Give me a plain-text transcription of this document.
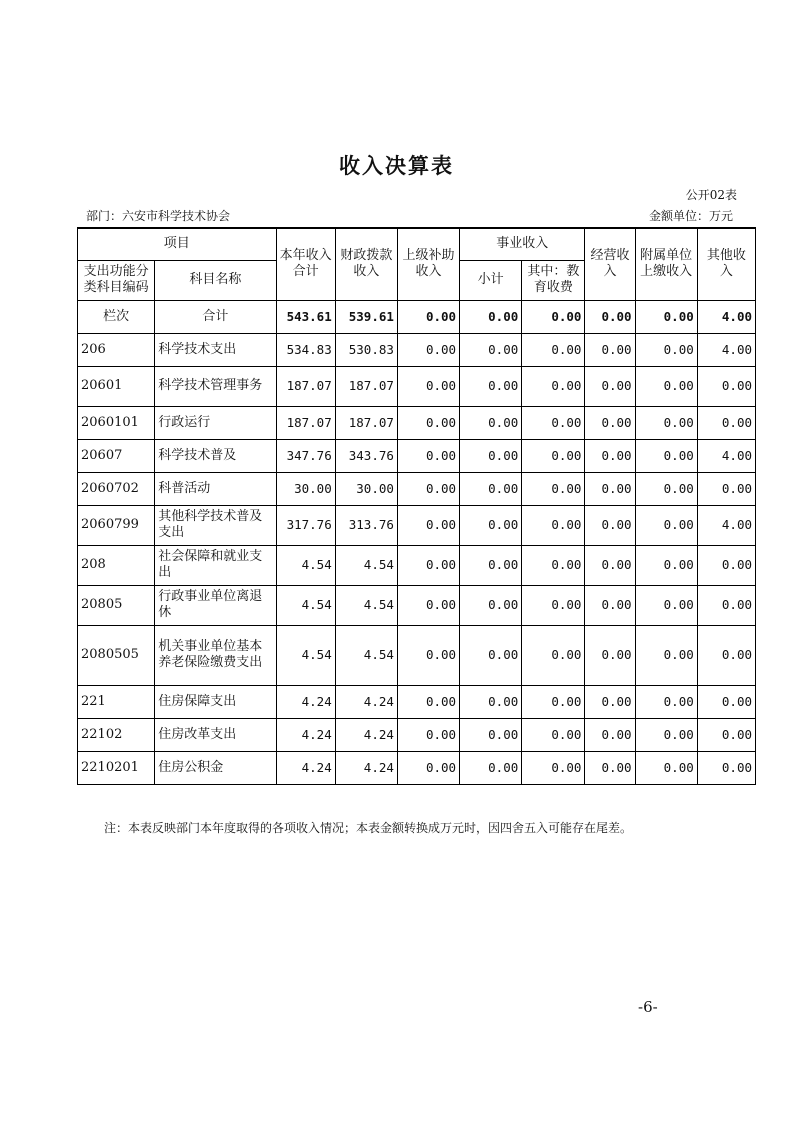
收入决算表
公开02表
部门：六安市科学技术协会	金额单位：万元
项目		本年收入合计	财政拨款收入	上级补助收入	事业收入		经营收入	附属单位上缴收入	其他收入
支出功能分类科目编码	科目名称				小计	其中：教育收费			

栏次	合计	543.61	539.61	0.00	0.00	0.00	0.00	0.00	4.00
206	科学技术支出	534.83	530.83	0.00	0.00	0.00	0.00	0.00	4.00
20601	科学技术管理事务	187.07	187.07	0.00	0.00	0.00	0.00	0.00	0.00
2060101	行政运行	187.07	187.07	0.00	0.00	0.00	0.00	0.00	0.00
20607	科学技术普及	347.76	343.76	0.00	0.00	0.00	0.00	0.00	4.00
2060702	科普活动	30.00	30.00	0.00	0.00	0.00	0.00	0.00	0.00
2060799	其他科学技术普及支出	317.76	313.76	0.00	0.00	0.00	0.00	0.00	4.00
208	社会保障和就业支出	4.54	4.54	0.00	0.00	0.00	0.00	0.00	0.00
20805	行政事业单位离退休	4.54	4.54	0.00	0.00	0.00	0.00	0.00	0.00
2080505	机关事业单位基本养老保险缴费支出	4.54	4.54	0.00	0.00	0.00	0.00	0.00	0.00
221	住房保障支出	4.24	4.24	0.00	0.00	0.00	0.00	0.00	0.00
22102	住房改革支出	4.24	4.24	0.00	0.00	0.00	0.00	0.00	0.00
2210201	住房公积金	4.24	4.24	0.00	0.00	0.00	0.00	0.00	0.00
注：本表反映部门本年度取得的各项收入情况；本表金额转换成万元时，因四舍五入可能存在尾差。
-6-
